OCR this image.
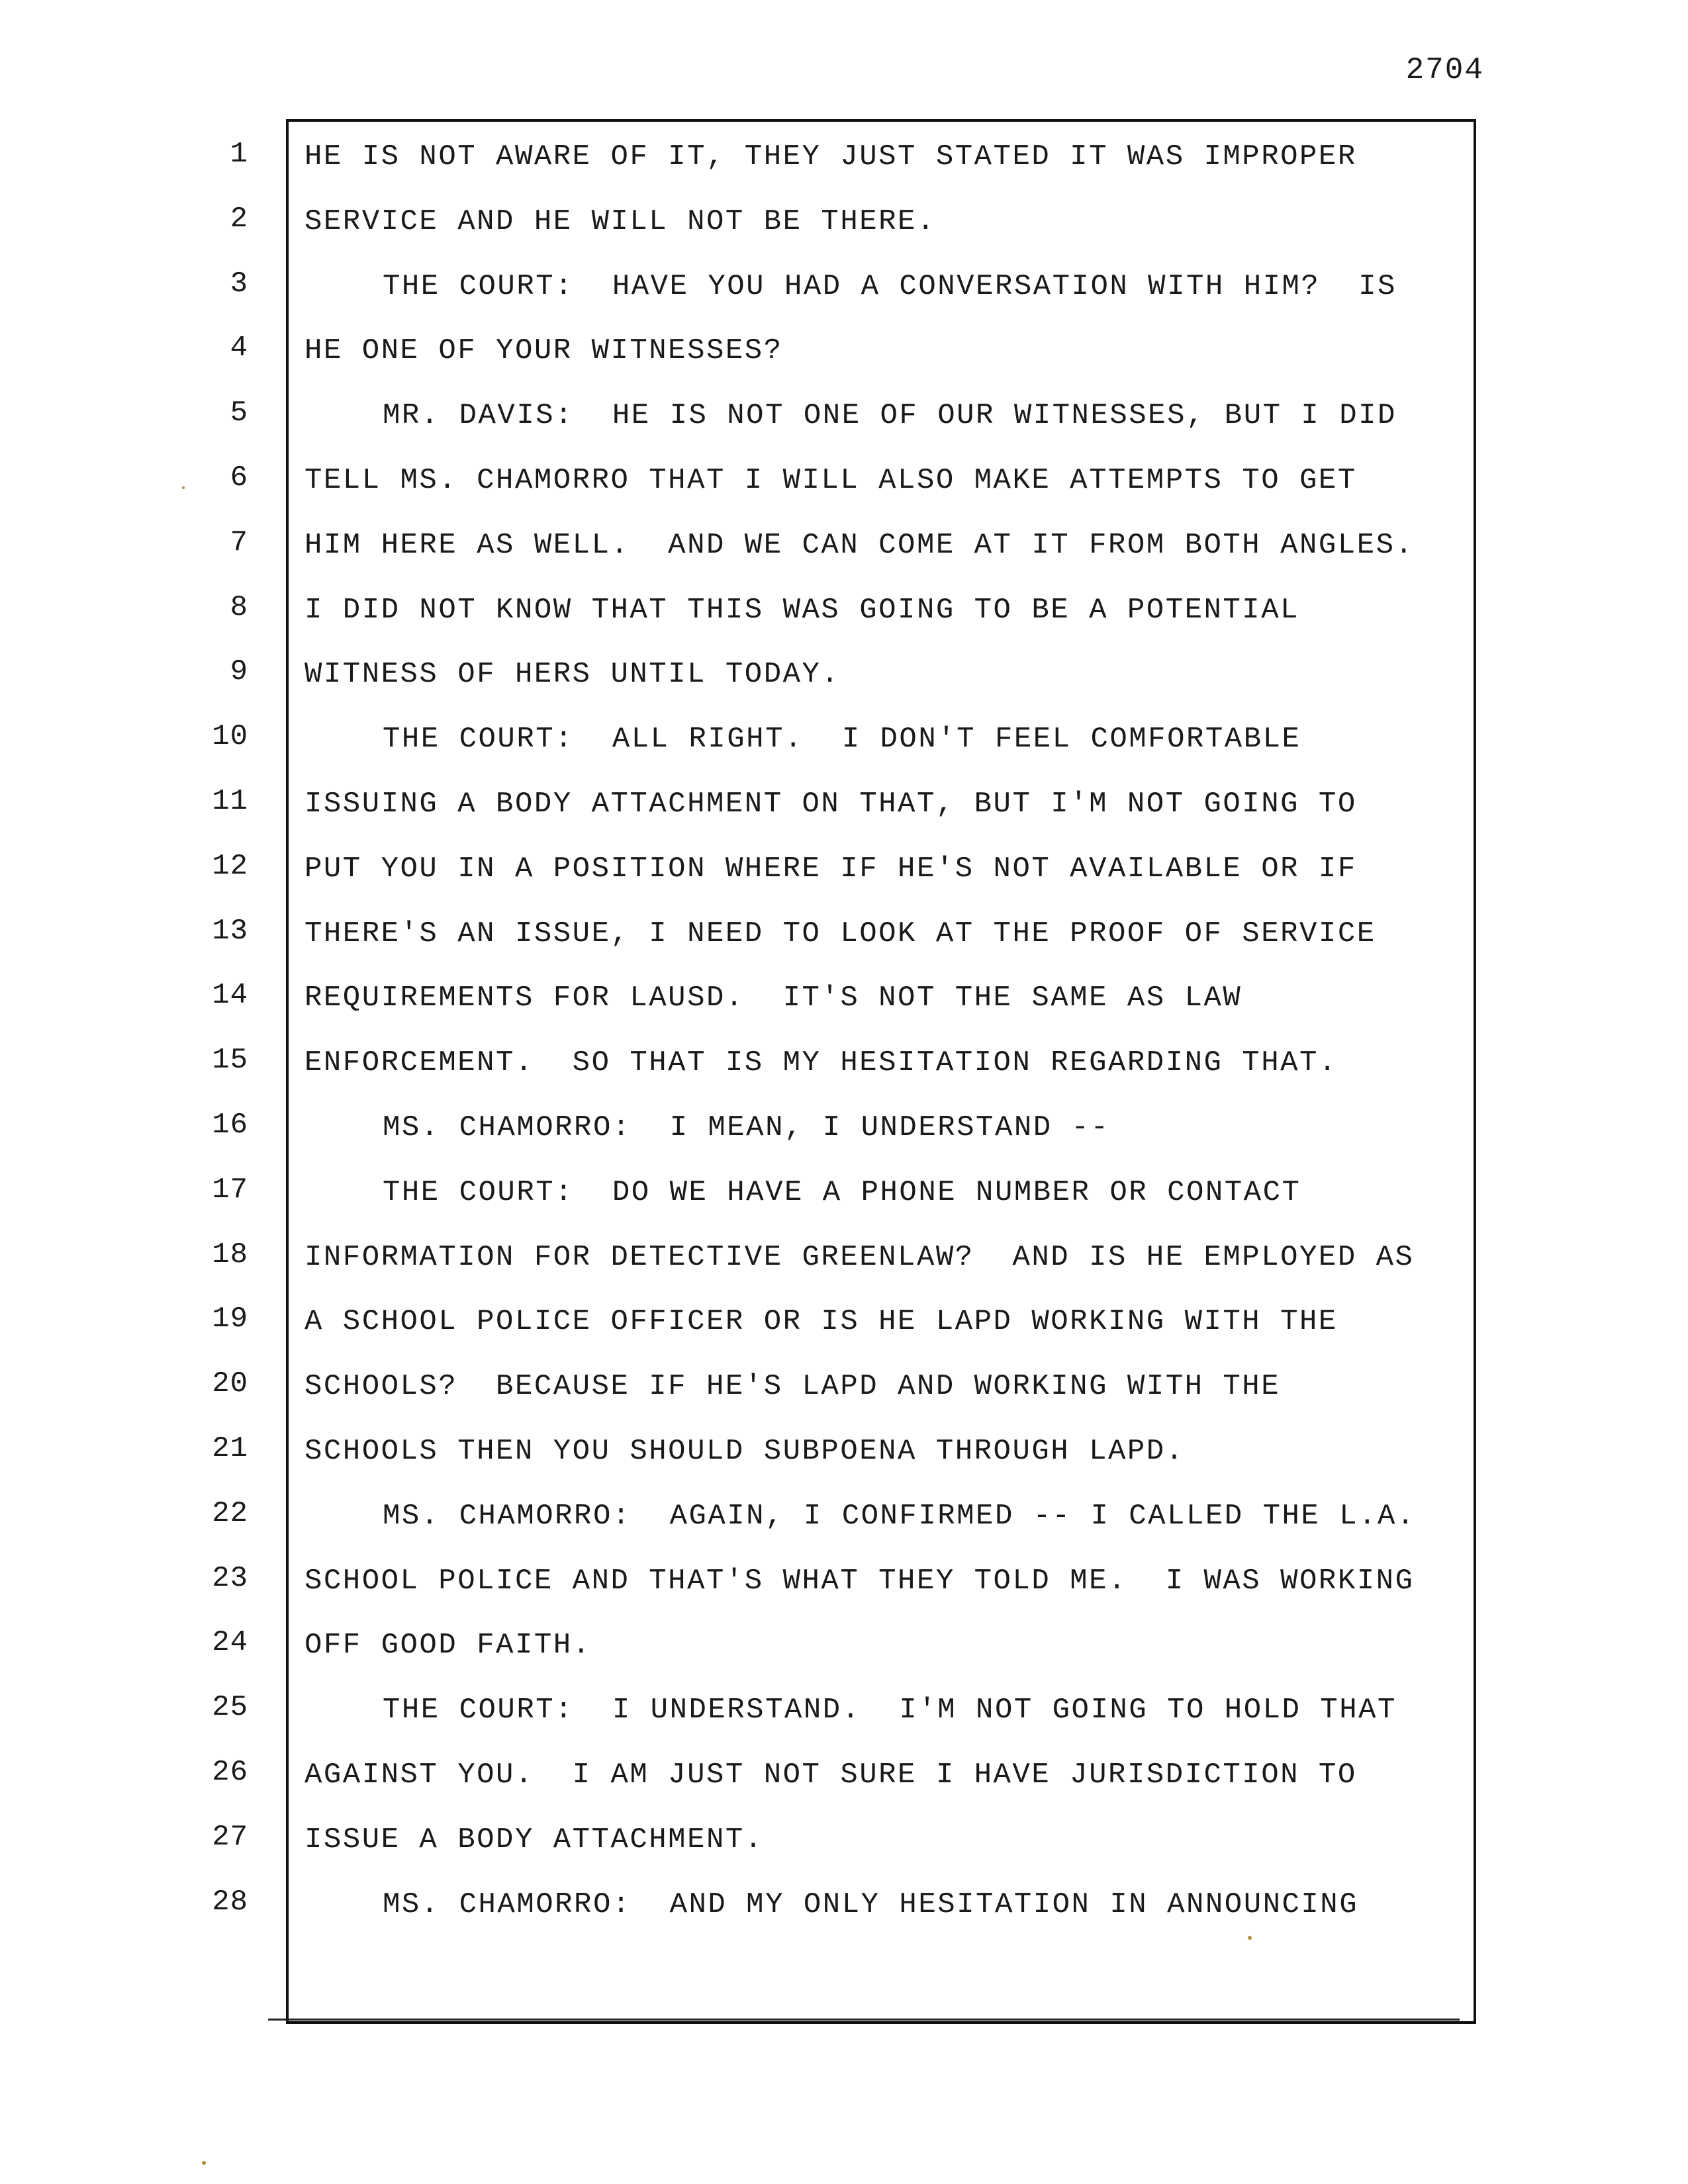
2704
1 HE IS NOT AWARE OF IT, THEY JUST STATED IT WAS IMPROPER
2 SERVICE AND HE WILL NOT BE THERE.
3	THE COURT:  HAVE YOU HAD A CONVERSATION WITH HIM?  IS
4 HE ONE OF YOUR WITNESSES?
5	MR. DAVIS:  HE IS NOT ONE OF OUR WITNESSES, BUT I DID
6 TELL MS. CHAMORRO THAT I WILL ALSO MAKE ATTEMPTS TO GET
7 HIM HERE AS WELL.  AND WE CAN COME AT IT FROM BOTH ANGLES.
8 I DID NOT KNOW THAT THIS WAS GOING TO BE A POTENTIAL
9 WITNESS OF HERS UNTIL TODAY.
10	THE COURT:  ALL RIGHT.  I DON'T FEEL COMFORTABLE
11 ISSUING A BODY ATTACHMENT ON THAT, BUT I'M NOT GOING TO
12 PUT YOU IN A POSITION WHERE IF HE'S NOT AVAILABLE OR IF
13 THERE'S AN ISSUE, I NEED TO LOOK AT THE PROOF OF SERVICE
14 REQUIREMENTS FOR LAUSD.  IT'S NOT THE SAME AS LAW
15 ENFORCEMENT.  SO THAT IS MY HESITATION REGARDING THAT.
16	MS. CHAMORRO:  I MEAN, I UNDERSTAND --
17	THE COURT:  DO WE HAVE A PHONE NUMBER OR CONTACT
18 INFORMATION FOR DETECTIVE GREENLAW?  AND IS HE EMPLOYED AS
19 A SCHOOL POLICE OFFICER OR IS HE LAPD WORKING WITH THE
20 SCHOOLS?  BECAUSE IF HE'S LAPD AND WORKING WITH THE
21 SCHOOLS THEN YOU SHOULD SUBPOENA THROUGH LAPD.
22	MS. CHAMORRO:  AGAIN, I CONFIRMED -- I CALLED THE L.A.
23 SCHOOL POLICE AND THAT'S WHAT THEY TOLD ME.  I WAS WORKING
24 OFF GOOD FAITH.
25	THE COURT:  I UNDERSTAND.  I'M NOT GOING TO HOLD THAT
26 AGAINST YOU.  I AM JUST NOT SURE I HAVE JURISDICTION TO
27 ISSUE A BODY ATTACHMENT.
28	MS. CHAMORRO:  AND MY ONLY HESITATION IN ANNOUNCING
